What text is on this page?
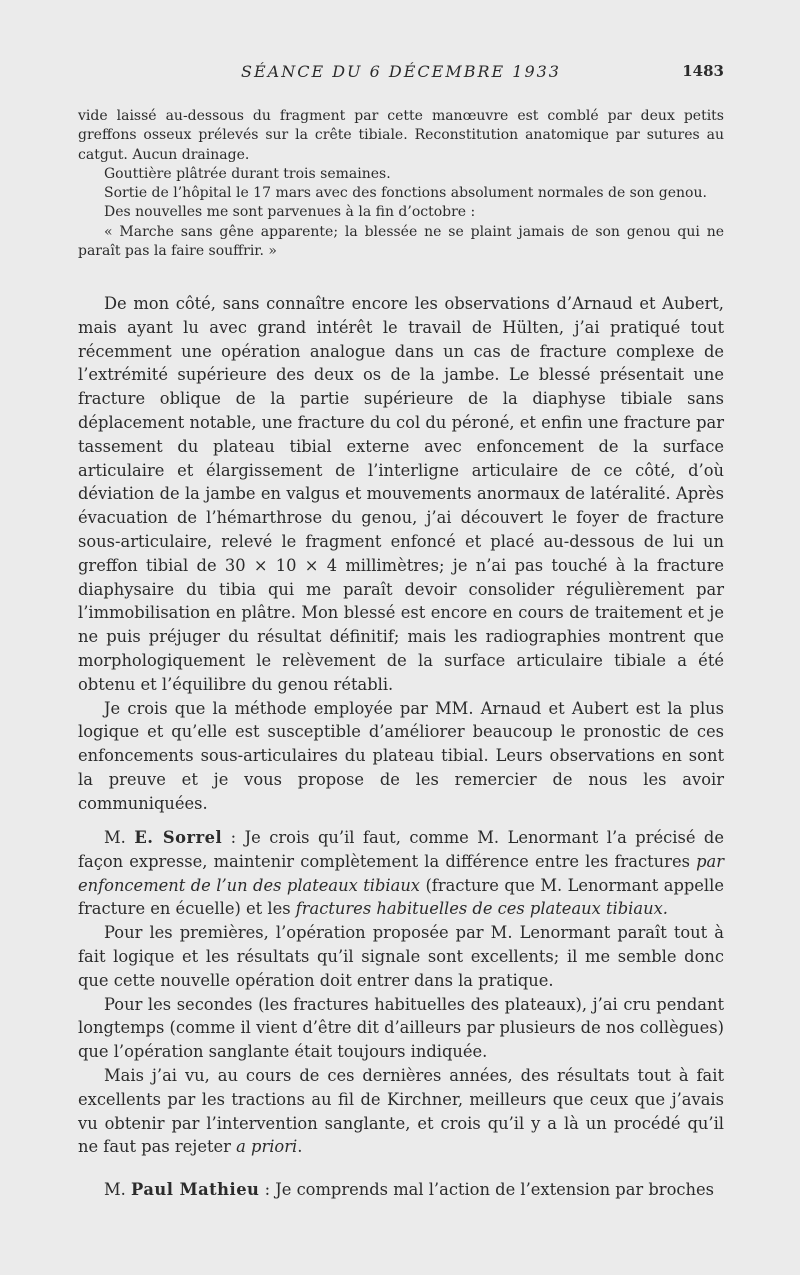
SÉANCE DU 6 DÉCEMBRE 1933	1483

vide laissé au-dessous du fragment par cette manœuvre est comblé par deux petits greffons osseux prélevés sur la crête tibiale. Reconstitution anatomique par sutures au catgut. Aucun drainage.

Gouttière plâtrée durant trois semaines.

Sortie de l’hôpital le 17 mars avec des fonctions absolument normales de son genou.

Des nouvelles me sont parvenues à la fin d’octobre :

« Marche sans gêne apparente; la blessée ne se plaint jamais de son genou qui ne paraît pas la faire souffrir. »

De mon côté, sans connaître encore les observations d’Arnaud et Aubert, mais ayant lu avec grand intérêt le travail de Hülten, j’ai pratiqué tout récemment une opération analogue dans un cas de fracture complexe de l’extrémité supérieure des deux os de la jambe. Le blessé présentait une fracture oblique de la partie supérieure de la diaphyse tibiale sans déplacement notable, une fracture du col du péroné, et enfin une fracture par tassement du plateau tibial externe avec enfoncement de la surface articulaire et élargissement de l’interligne articulaire de ce côté, d’où déviation de la jambe en valgus et mouvements anormaux de latéralité. Après évacuation de l’hémarthrose du genou, j’ai découvert le foyer de fracture sous-articulaire, relevé le fragment enfoncé et placé au-dessous de lui un greffon tibial de 30 × 10 × 4 millimètres; je n’ai pas touché à la fracture diaphysaire du tibia qui me paraît devoir consolider régulièrement par l’immobilisation en plâtre. Mon blessé est encore en cours de traitement et je ne puis préjuger du résultat définitif; mais les radiographies montrent que morphologiquement le relèvement de la surface articulaire tibiale a été obtenu et l’équilibre du genou rétabli.

Je crois que la méthode employée par MM. Arnaud et Aubert est la plus logique et qu’elle est susceptible d’améliorer beaucoup le pronostic de ces enfoncements sous-articulaires du plateau tibial. Leurs observations en sont la preuve et je vous propose de les remercier de nous les avoir communiquées.

M. E. Sorrel : Je crois qu’il faut, comme M. Lenormant l’a précisé de façon expresse, maintenir complètement la différence entre les fractures par enfoncement de l’un des plateaux tibiaux (fracture que M. Lenormant appelle fracture en écuelle) et les fractures habituelles de ces plateaux tibiaux.

Pour les premières, l’opération proposée par M. Lenormant paraît tout à fait logique et les résultats qu’il signale sont excellents; il me semble donc que cette nouvelle opération doit entrer dans la pratique.

Pour les secondes (les fractures habituelles des plateaux), j’ai cru pendant longtemps (comme il vient d’être dit d’ailleurs par plusieurs de nos collègues) que l’opération sanglante était toujours indiquée.

Mais j’ai vu, au cours de ces dernières années, des résultats tout à fait excellents par les tractions au fil de Kirchner, meilleurs que ceux que j’avais vu obtenir par l’intervention sanglante, et crois qu’il y a là un procédé qu’il ne faut pas rejeter a priori.

M. Paul Mathieu : Je comprends mal l’action de l’extension par broches
